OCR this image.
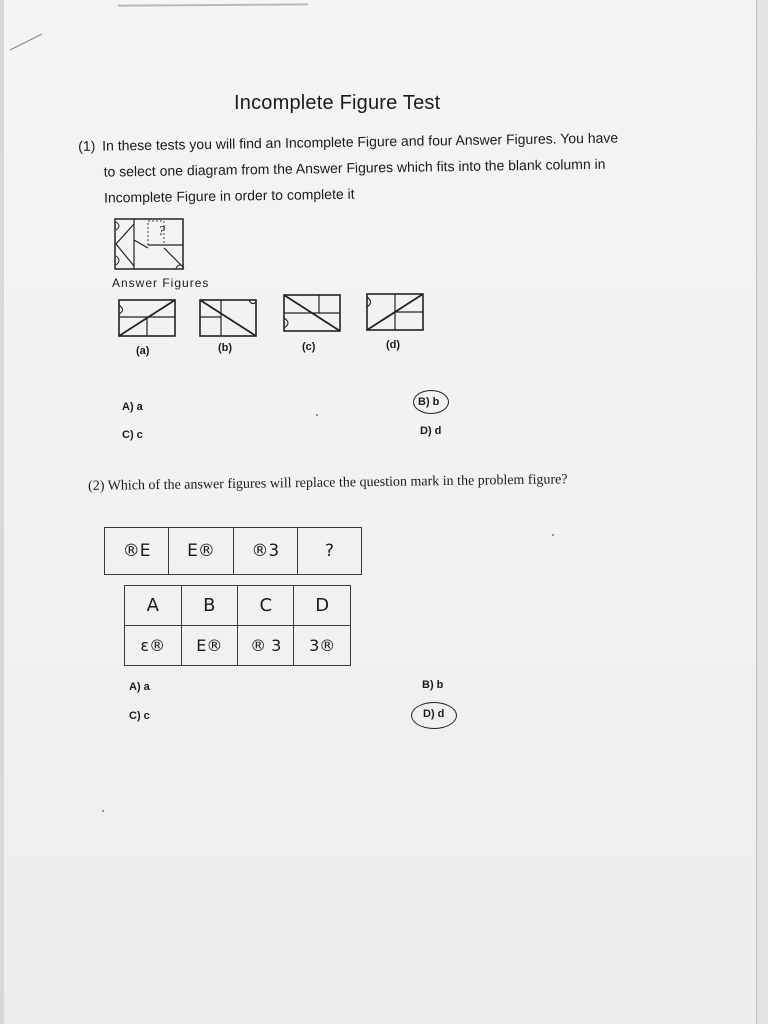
Incomplete Figure Test
(1) In these tests you will find an Incomplete Figure and four Answer Figures. You have
to select one diagram from the Answer Figures which fits into the blank column in
Incomplete Figure in order to complete it
?
Answer Figures
(a)	(b)	(c)	(d)
A) a	B) b
C) c	D) d
(2) Which of the answer figures will replace the question mark in the problem figure?
®E	E®	®3	?
A	B	C	D
ε®	E®	® 3	3®
A) a	B) b
C) c	D) d
